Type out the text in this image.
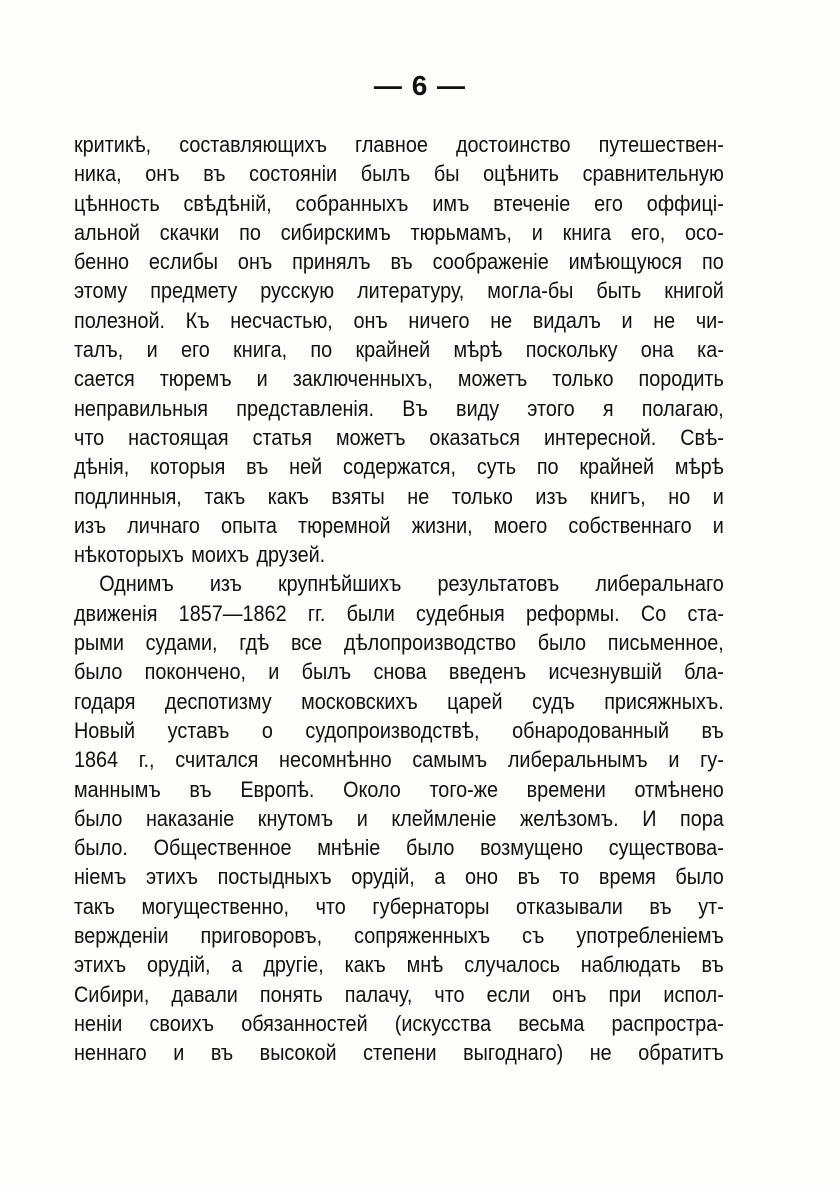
— 6 —
критикѣ, составляющихъ главное достоинство путешествен-
ника, онъ въ состояніи былъ бы оцѣнить сравнительную
цѣнность свѣдѣній, собранныхъ имъ втеченіе его оффиці-
альной скачки по сибирскимъ тюрьмамъ, и книга его, осо-
бенно еслибы онъ принялъ въ соображеніе имѣющуюся по
этому предмету русскую литературу, могла-бы быть книгой
полезной. Къ несчастью, онъ ничего не видалъ и не чи-
талъ, и его книга, по крайней мѣрѣ поскольку она ка-
сается тюремъ и заключенныхъ, можетъ только породить
неправильныя представленія. Въ виду этого я полагаю,
что настоящая статья можетъ оказаться интересной. Свѣ-
дѣнія, которыя въ ней содержатся, суть по крайней мѣрѣ
подлинныя, такъ какъ взяты не только изъ книгъ, но и
изъ личнаго опыта тюремной жизни, моего собственнаго и
нѣкоторыхъ моихъ друзей.
Однимъ изъ крупнѣйшихъ результатовъ либеральнаго
движенія 1857—1862 гг. были судебныя реформы. Со ста-
рыми судами, гдѣ все дѣлопроизводство было письменное,
было покончено, и былъ снова введенъ исчезнувшій бла-
годаря деспотизму московскихъ царей судъ присяжныхъ.
Новый уставъ о судопроизводствѣ, обнародованный въ
1864 г., считался несомнѣнно самымъ либеральнымъ и гу-
маннымъ въ Европѣ. Около того-же времени отмѣнено
было наказаніе кнутомъ и клеймленіе желѣзомъ. И пора
было. Общественное мнѣніе было возмущено существова-
ніемъ этихъ постыдныхъ орудій, а оно въ то время было
такъ могущественно, что губернаторы отказывали въ ут-
вержденіи приговоровъ, сопряженныхъ съ употребленіемъ
этихъ орудій, а другіе, какъ мнѣ случалось наблюдать въ
Сибири, давали понять палачу, что если онъ при испол-
неніи своихъ обязанностей (искусства весьма распростра-
неннаго и въ высокой степени выгоднаго) не обратитъ
